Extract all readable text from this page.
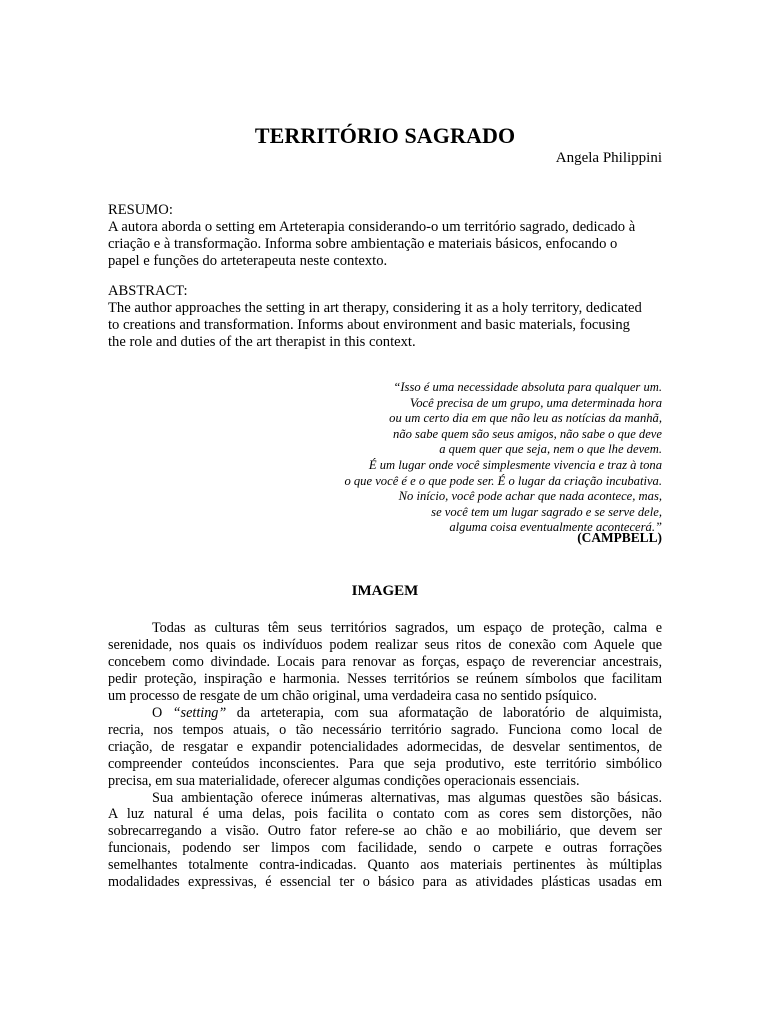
TERRITÓRIO SAGRADO
Angela Philippini
RESUMO:
A autora aborda o setting em Arteterapia considerando-o um território sagrado, dedicado à
criação e à transformação. Informa sobre ambientação e materiais básicos, enfocando o
papel e funções do arteterapeuta neste contexto.
ABSTRACT:
The author approaches the setting in art therapy, considering it as a holy territory, dedicated
to creations and transformation. Informs about environment and basic materials, focusing
the role and duties of the art therapist in this context.
“Isso é uma necessidade absoluta para qualquer um.
Você precisa de um grupo, uma determinada hora
ou um certo dia em que não leu as notícias da manhã,
não sabe quem são seus amigos, não sabe o que deve
a quem quer que seja, nem o que lhe devem.
É um lugar onde você simplesmente vivencia e traz à tona
o que você é e o que pode ser. É o lugar da criação incubativa.
No início, você pode achar que nada acontece, mas,
se você tem um lugar sagrado e se serve dele,
alguma coisa eventualmente acontecerá.”
(CAMPBELL)
IMAGEM
Todas as culturas têm seus territórios sagrados, um espaço de proteção, calma e
serenidade, nos quais os indivíduos podem realizar seus ritos de conexão com Aquele que
concebem como divindade. Locais para renovar as forças, espaço de reverenciar ancestrais,
pedir proteção, inspiração e harmonia. Nesses territórios se reúnem símbolos que facilitam
um processo de resgate de um chão original, uma verdadeira casa no sentido psíquico.
O “setting” da arteterapia, com sua aformatação de laboratório de alquimista,
recria, nos tempos atuais, o tão necessário território sagrado. Funciona como local de
criação, de resgatar e expandir potencialidades adormecidas, de desvelar sentimentos, de
compreender conteúdos inconscientes. Para que seja produtivo, este território simbólico
precisa, em sua materialidade, oferecer algumas condições operacionais essenciais.
Sua ambientação oferece inúmeras alternativas, mas algumas questões são básicas.
A luz natural é uma delas, pois facilita o contato com as cores sem distorções, não
sobrecarregando a visão. Outro fator refere-se ao chão e ao mobiliário, que devem ser
funcionais, podendo ser limpos com facilidade, sendo o carpete e outras forrações
semelhantes totalmente contra-indicadas. Quanto aos materiais pertinentes às múltiplas
modalidades expressivas, é essencial ter o básico para as atividades plásticas usadas em
